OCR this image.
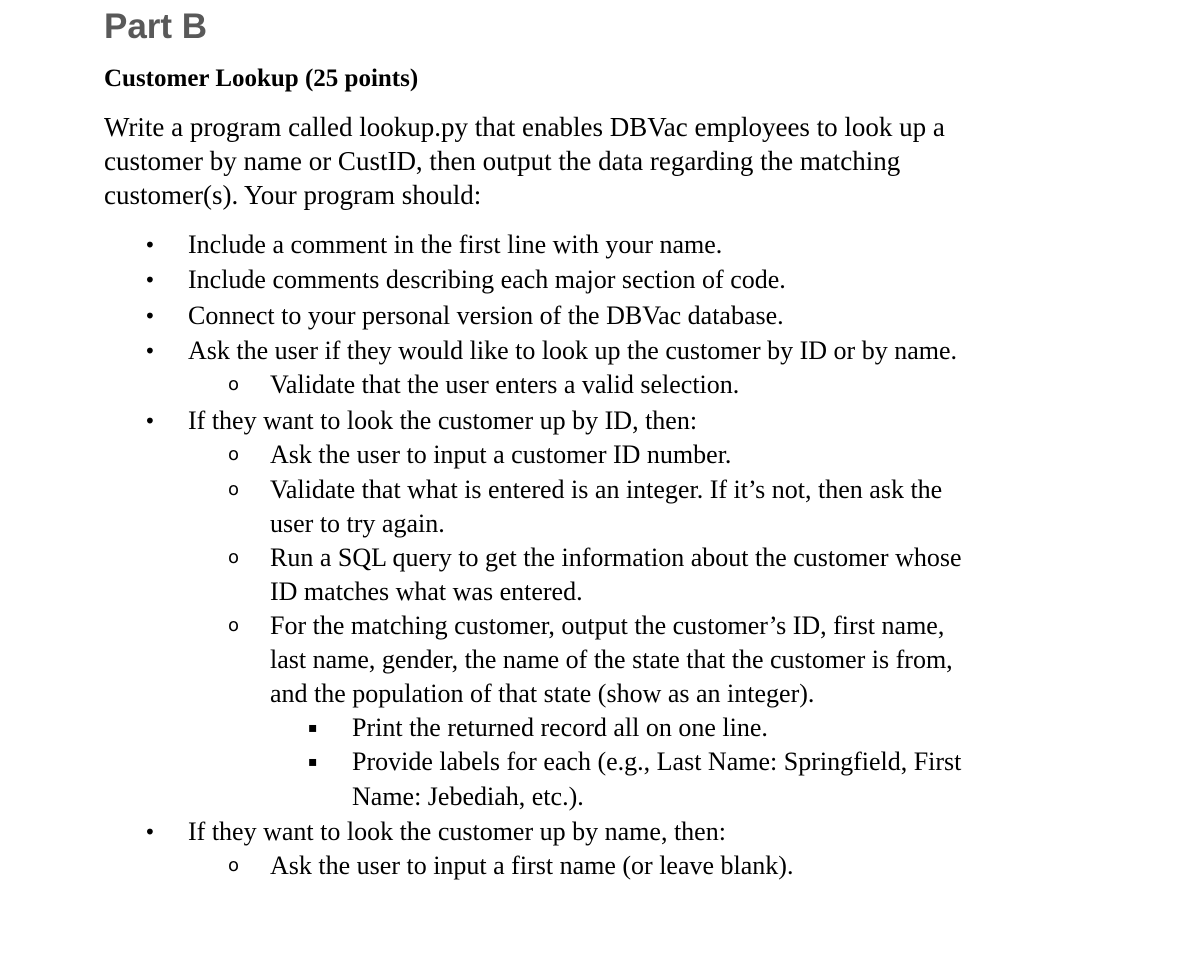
Part B
Customer Lookup (25 points)
Write a program called lookup.py that enables DBVac employees to look up a
customer by name or CustID, then output the data regarding the matching
customer(s). Your program should:
• Include a comment in the first line with your name.
• Include comments describing each major section of code.
• Connect to your personal version of the DBVac database.
• Ask the user if they would like to look up the customer by ID or by name.
o Validate that the user enters a valid selection.
• If they want to look the customer up by ID, then:
o Ask the user to input a customer ID number.
o Validate that what is entered is an integer. If it’s not, then ask the
user to try again.
o Run a SQL query to get the information about the customer whose
ID matches what was entered.
o For the matching customer, output the customer’s ID, first name,
last name, gender, the name of the state that the customer is from,
and the population of that state (show as an integer).
▪ Print the returned record all on one line.
▪ Provide labels for each (e.g., Last Name: Springfield, First
Name: Jebediah, etc.).
• If they want to look the customer up by name, then:
o Ask the user to input a first name (or leave blank).
